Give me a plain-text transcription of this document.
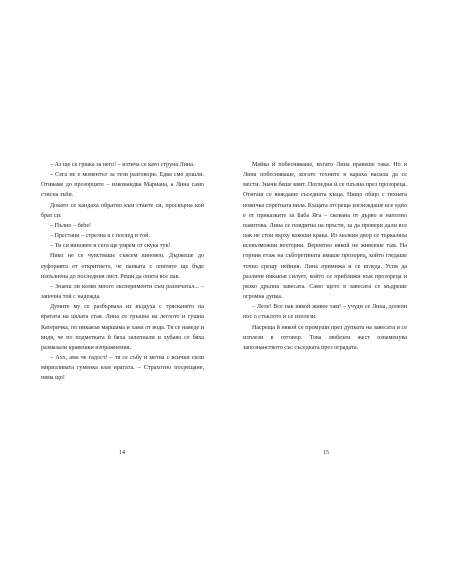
– Аз ще се грижа за него! – изтича се като струна Лина.

– Сега не е моментът за тези разговори. Едва сме дошли. Отиваме до прозорците – изкомандва Мариана, а Лина само стисна зъби.

Докато се кандаха обратно към стаите си, проскърна кой брат си:

– Пълно – беbe!

– Престани – стрелна я с поглед и той.

– Ти си виновен и сега ще умрем от скука тук!

Нико не се чувстваше съвсем виновен. Държеше до еуфорията от откритието, че папката с опитите ще бъде изпълнена до последния лист. Реши да опита все пак.

– Знаеш ли колко много експерименти съм разпечатал... – започна той с надежда.

Думите му се разбърваха из въздуха с тряскането на вратата на цялата стая. Лина се тръшна на леглото и гушна Катеричка, по никакъв маршама и хама от вода. Тя се наведе и видя, че по подметката й бяха залепнали и хубаво се бяха размазали кравешки изпражнения.

– Ахх, ама че гадост! – тя се събу и метна с всички сили миризливата гуменка към вратата. – Страхотно посрещане, няма що!

14

Майка й побесняваше, когато Лина правеше така. Но и Лина побесняваше, когато техните я караха насила да се мести. Значи беше квит. Погледна й се плъзна през прозореца. Отиташ се виждаше съседната къща. Нищо общо с тяхната новичка спретната вила. Къщата отсреща изглеждаше все едно е от приказките за Баба Яга – скована от дърво и наполно паянтова. Лина се повдигна на пръсти, за да провери дали все пак не стои върху кокоши крака. Из малкия двор се търкаляха всевъзможни вехтории. Вероятно някой не живееше там. На горния етаж на съборетината имаше прозорец, който гледаше точно срещу нейния. Лина примижа и се вгледа. Успя да различи някакъв силует, който се приближи към прозореца и рязко дръпна завесата. Само щето в завесата се мъдреше огромна дупка.

– Леле! Все пак някой живее там! – учуди се Лина, долепи нос о стъклото и се изплези.

Насреща й някой се промуши през дупката на завесата и се изплези в отговор. Това любезен жест ознаменува запознанството със съседката през оградата.

15
